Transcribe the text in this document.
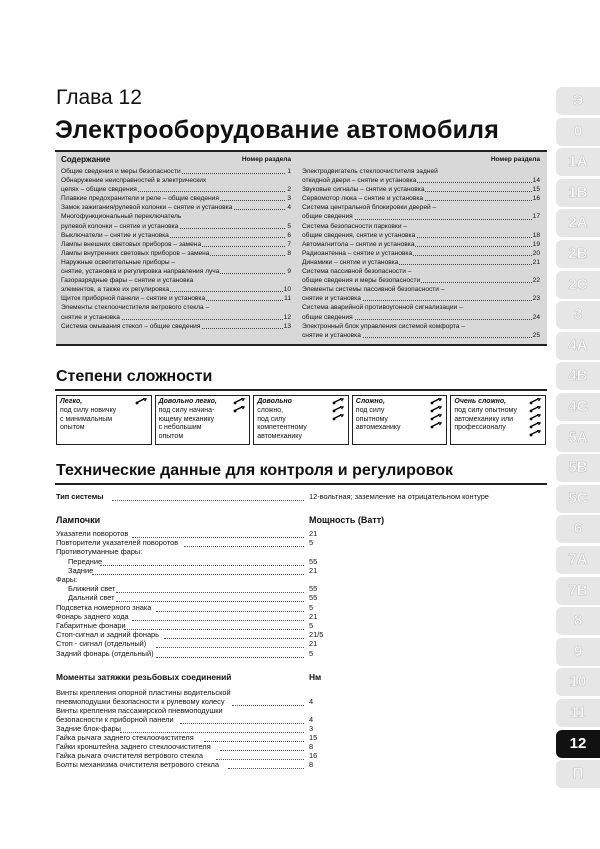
Глава 12
Электрооборудование автомобиля
Содержание	Номер раздела
Общие сведения и меры безопасности	1
Обнаружение неисправностей в электрических
цепях – общие сведения	2
Плавкие предохранители и реле – общие сведения	3
Замок зажигания/рулевой колонки – снятие и установка	4
Многофункциональный переключатель
рулевой колонки – снятие и установка	5
Выключатели – снятие и установка	6
Лампы внешних световых приборов – замена	7
Лампы внутренних световых приборов – замена	8
Наружные осветительные приборы –
снятие, установка и регулировка направления луча	9
Газоразрядные фары – снятие и установка
элементов, а также их регулировка	10
Щиток приборной панели – снятие и установка	11
Элементы стеклоочистителя ветрового стекла –
снятие и установка	12
Система омывания стекол – общие сведения	13
Номер раздела
Электродвигатель стеклоочистителя задней
откидной двери – снятие и установка	14
Звуковые сигналы – снятие и установка	15
Сервомотор люка – снятие и установка	16
Система центральной блокировки дверей –
общие сведения	17
Система безопасности парковки –
общие сведения, снятие и установка	18
Автомагнитола – снятие и установка	19
Радиоантенна – снятие и установка	20
Динамики – снятие и установка	21
Система пассивной безопасности –
общие сведения и меры безопасности	22
Элементы системы пассивной безопасности –
снятие и установка	23
Система аварийной противоугонной сигнализации –
общие сведения	24
Электронный блок управления системой комфорта –
снятие и установка	25
Степени сложности
Легко,
под силу новичку
с минимальным
опытом
Довольно легко,
под силу начина-
ющему механику
с небольшим
опытом
Довольно
сложно,
под силу
компетентному
автомеханику
Сложно,
под силу
опытному
автомеханику
Очень сложно,
под силу опытному
автомеханику или
профессионалу
Технические данные для контроля и регулировок
Тип системы	12-вольтная; заземление на отрицательном контуре
Лампочки	Мощность (Ватт)
Указатели поворотов	21
Повторители указателей поворотов	5
Противотуманные фары:
Передние	55
Задние	21
Фары:
Ближний свет	55
Дальний свет	55
Подсветка номерного знака	5
Фонарь заднего хода	21
Габаритные фонари	5
Стоп-сигнал и задний фонарь	21/5
Стоп - сигнал (отдельный)	21
Задний фонарь (отдельный)	5
Моменты затяжки резьбовых соединений	Нм
Винты крепления опорной пластины водительской
пневмоподушки безопасности к рулевому колесу	4
Винты крепления пассажирской пневмоподушки
безопасности к приборной панели	4
Задние блок-фары	3
Гайка рычага заднего стеклоочистителя	15
Гайки кронштейна заднего стеклоочистителя	8
Гайка рычага очистителя ветрового стекла	16
Болты механизма очистителя ветрового стекла	8
Э
0
1A
1B
2A
2B
2C
3
4A
4B
4C
5A
5B
5C
6
7A
7B
8
9
10
11
12
П
